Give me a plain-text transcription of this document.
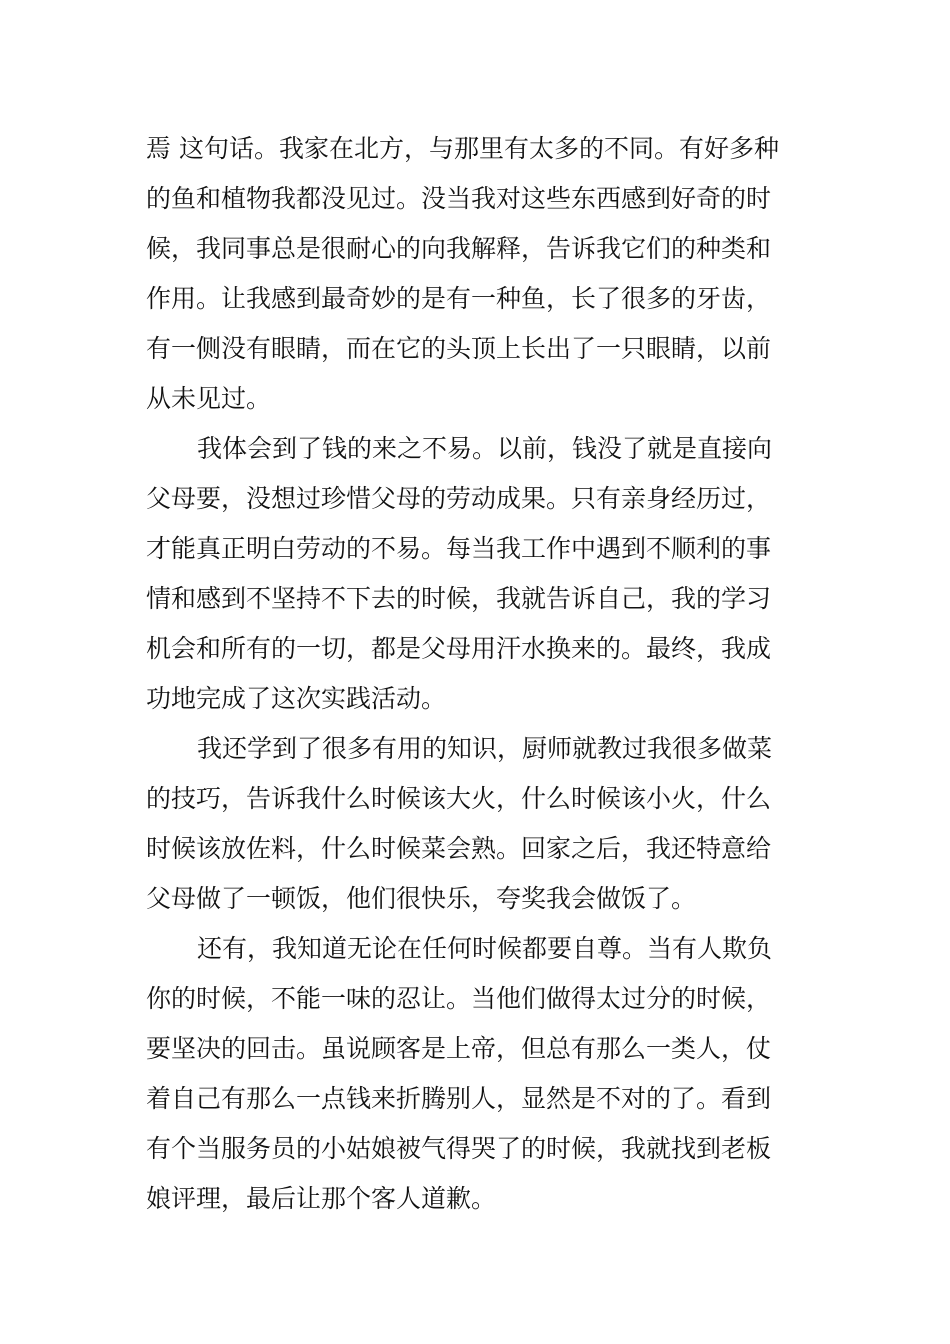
焉 这句话。我家在北方，与那里有太多的不同。有好多种
的鱼和植物我都没见过。没当我对这些东西感到好奇的时
候，我同事总是很耐心的向我解释，告诉我它们的种类和
作用。让我感到最奇妙的是有一种鱼，长了很多的牙齿，
有一侧没有眼睛，而在它的头顶上长出了一只眼睛，以前
从未见过。

我体会到了钱的来之不易。以前，钱没了就是直接向
父母要，没想过珍惜父母的劳动成果。只有亲身经历过，
才能真正明白劳动的不易。每当我工作中遇到不顺利的事
情和感到不坚持不下去的时候，我就告诉自己，我的学习
机会和所有的一切，都是父母用汗水换来的。最终，我成
功地完成了这次实践活动。

我还学到了很多有用的知识，厨师就教过我很多做菜
的技巧，告诉我什么时候该大火，什么时候该小火，什么
时候该放佐料，什么时候菜会熟。回家之后，我还特意给
父母做了一顿饭，他们很快乐，夸奖我会做饭了。

还有，我知道无论在任何时候都要自尊。当有人欺负
你的时候，不能一味的忍让。当他们做得太过分的时候，
要坚决的回击。虽说顾客是上帝，但总有那么一类人，仗
着自己有那么一点钱来折腾别人，显然是不对的了。看到
有个当服务员的小姑娘被气得哭了的时候，我就找到老板
娘评理，最后让那个客人道歉。
